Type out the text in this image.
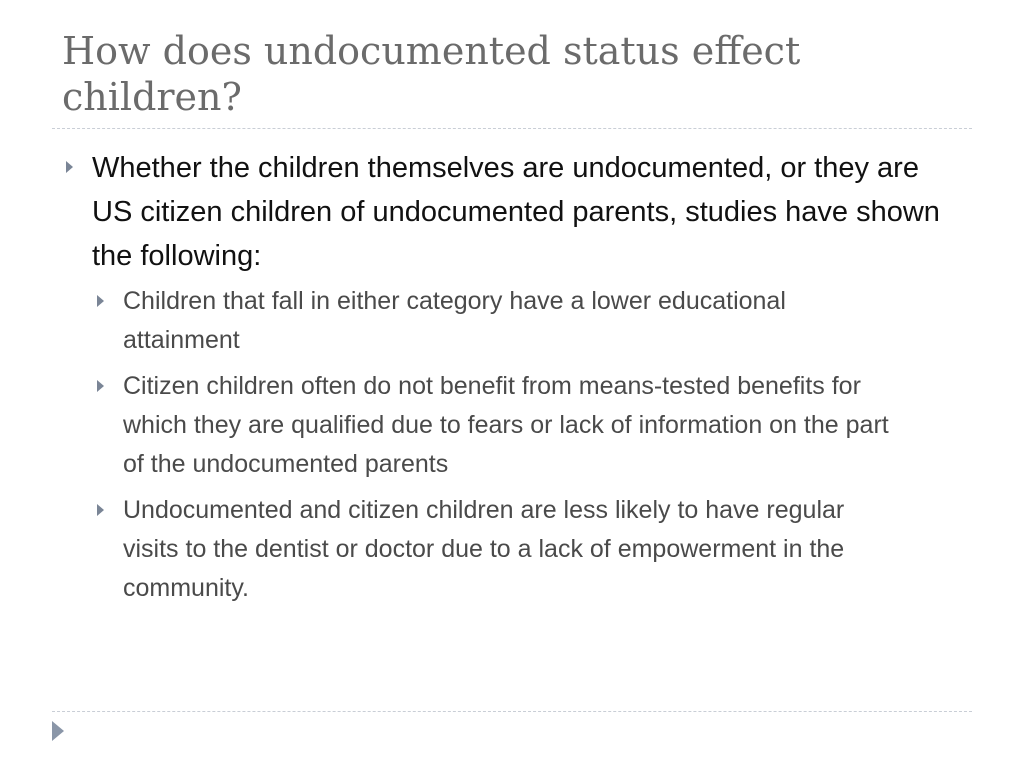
How does undocumented status effect children?
Whether the children themselves are undocumented, or they are US citizen children of undocumented parents, studies have shown the following:
Children that fall in either category have a lower educational attainment
Citizen children often do not benefit from means-tested benefits for which they are qualified due to fears or lack of information on the part of the undocumented parents
Undocumented and citizen children are less likely to have regular visits to the dentist or doctor due to a lack of empowerment in the community.
